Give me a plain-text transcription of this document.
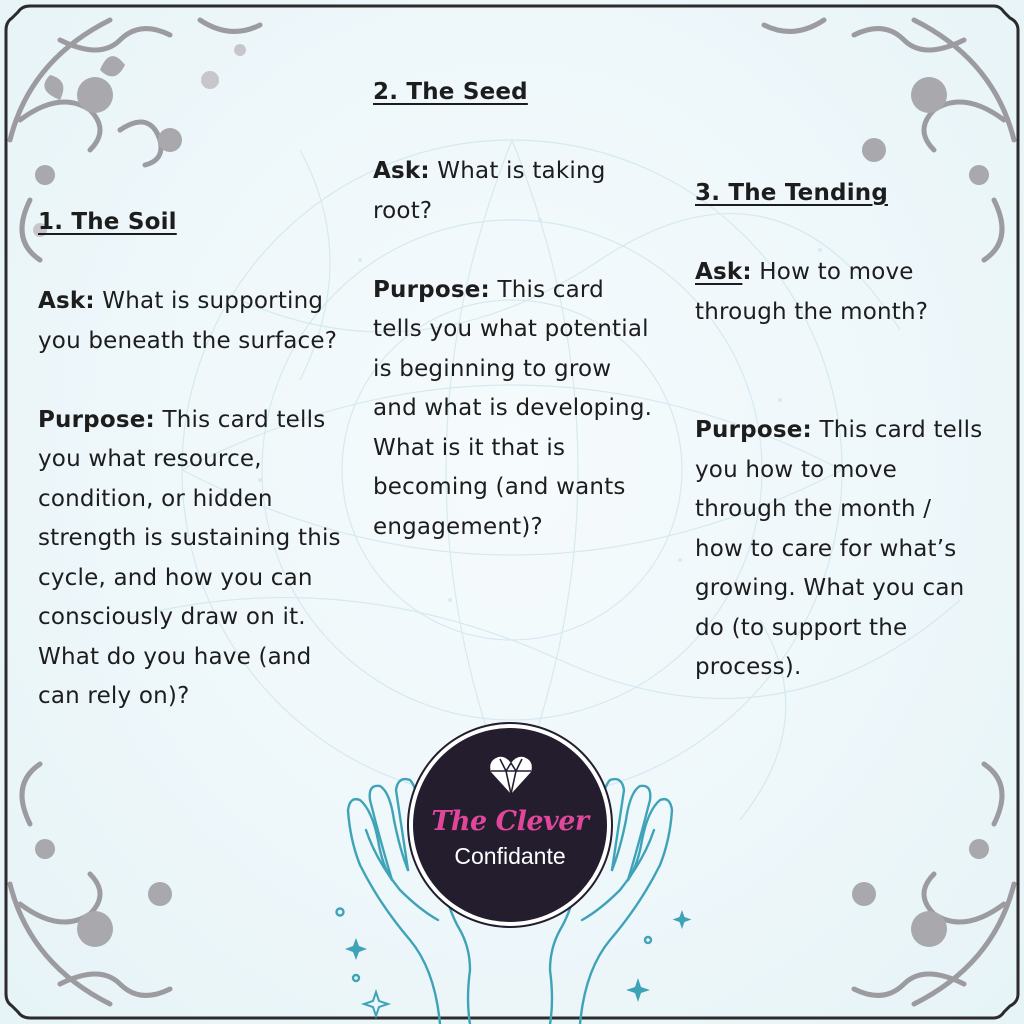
1. The Soil

Ask: What is supporting you beneath the surface?

Purpose: This card tells you what resource, condition, or hidden strength is sustaining this cycle, and how you can consciously draw on it. What do you have (and can rely on)?

2. The Seed

Ask: What is taking root?

Purpose: This card tells you what potential is beginning to grow and what is developing. What is it that is becoming (and wants engagement)?

3. The Tending

Ask: How to move through the month?

Purpose: This card tells you how to move through the month / how to care for what’s growing. What you can do (to support the process).

The Clever
Confidante
